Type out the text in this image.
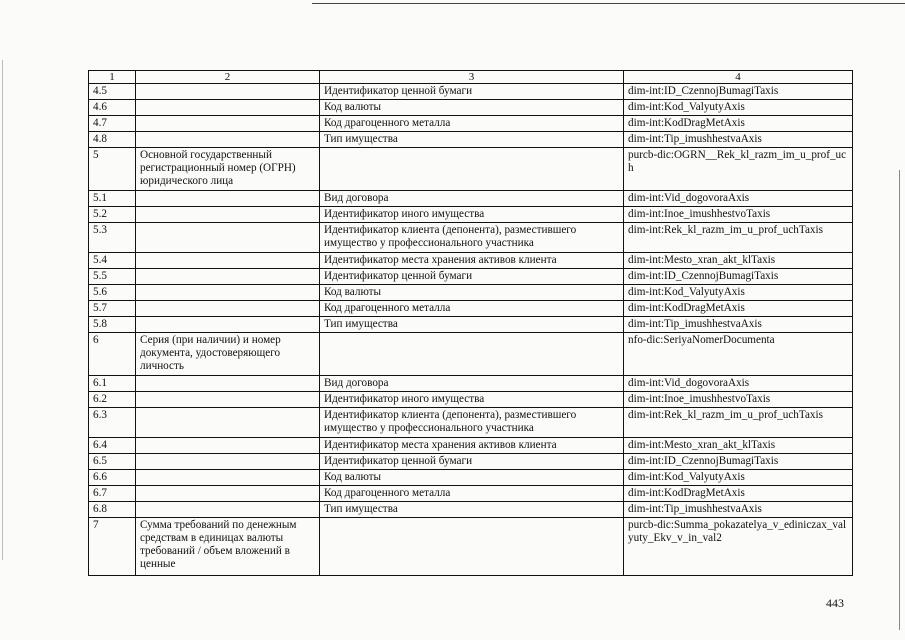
1	2	3	4
4.5		Идентификатор ценной бумаги	dim-int:ID_CzennojBumagiTaxis
4.6		Код валюты	dim-int:Kod_ValyutyAxis
4.7		Код драгоценного металла	dim-int:KodDragMetAxis
4.8		Тип имущества	dim-int:Tip_imushhestvaAxis
5	Основной государственный регистрационный номер (ОГРН) юридического лица		purcb-dic:OGRN__Rek_kl_razm_im_u_prof_uch
5.1		Вид договора	dim-int:Vid_dogovoraAxis
5.2		Идентификатор иного имущества	dim-int:Inoe_imushhestvoTaxis
5.3		Идентификатор клиента (депонента), разместившего имущество у профессионального участника	dim-int:Rek_kl_razm_im_u_prof_uchTaxis
5.4		Идентификатор места хранения активов клиента	dim-int:Mesto_xran_akt_klTaxis
5.5		Идентификатор ценной бумаги	dim-int:ID_CzennojBumagiTaxis
5.6		Код валюты	dim-int:Kod_ValyutyAxis
5.7		Код драгоценного металла	dim-int:KodDragMetAxis
5.8		Тип имущества	dim-int:Tip_imushhestvaAxis
6	Серия (при наличии) и номер документа, удостоверяющего личность		nfo-dic:SeriyaNomerDocumenta
6.1		Вид договора	dim-int:Vid_dogovoraAxis
6.2		Идентификатор иного имущества	dim-int:Inoe_imushhestvoTaxis
6.3		Идентификатор клиента (депонента), разместившего имущество у профессионального участника	dim-int:Rek_kl_razm_im_u_prof_uchTaxis
6.4		Идентификатор места хранения активов клиента	dim-int:Mesto_xran_akt_klTaxis
6.5		Идентификатор ценной бумаги	dim-int:ID_CzennojBumagiTaxis
6.6		Код валюты	dim-int:Kod_ValyutyAxis
6.7		Код драгоценного металла	dim-int:KodDragMetAxis
6.8		Тип имущества	dim-int:Tip_imushhestvaAxis
7	Сумма требований по денежным средствам в единицах валюты требований / объем вложений в ценные		purcb-dic:Summa_pokazatelya_v_ediniczax_valyuty_Ekv_v_in_val2
443
